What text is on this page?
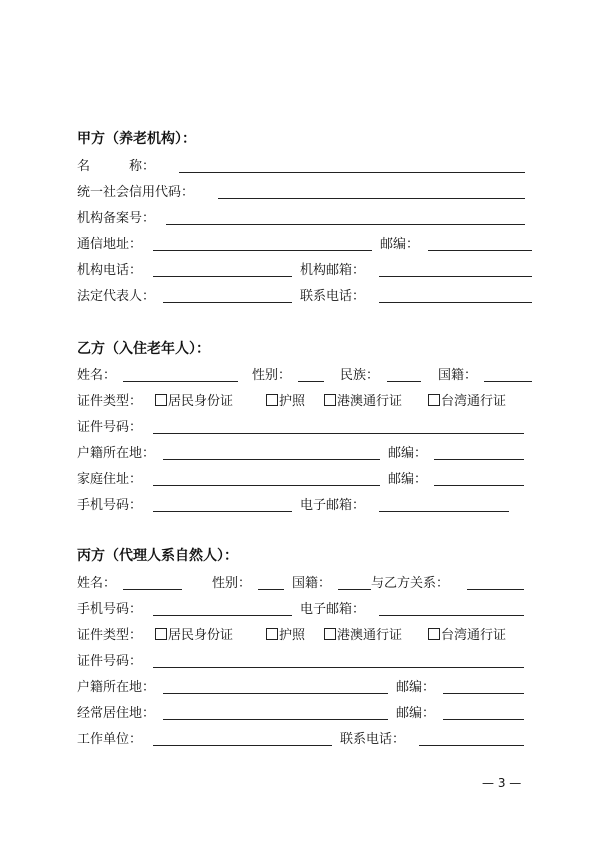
甲方（养老机构）：
名　　　称：
统一社会信用代码：
机构备案号：
通信地址：	邮编：
机构电话：	机构邮箱：
法定代表人：	联系电话：
乙方（入住老年人）：
姓名：	性别：	民族：	国籍：
证件类型：	居民身份证	护照	港澳通行证	台湾通行证
证件号码：
户籍所在地：	邮编：
家庭住址：	邮编：
手机号码：	电子邮箱：
丙方（代理人系自然人）：
姓名：	性别：	国籍：	与乙方关系：
手机号码：	电子邮箱：
证件类型：	居民身份证	护照	港澳通行证	台湾通行证
证件号码：
户籍所在地：	邮编：
经常居住地：	邮编：
工作单位：	联系电话：
— 3 —
